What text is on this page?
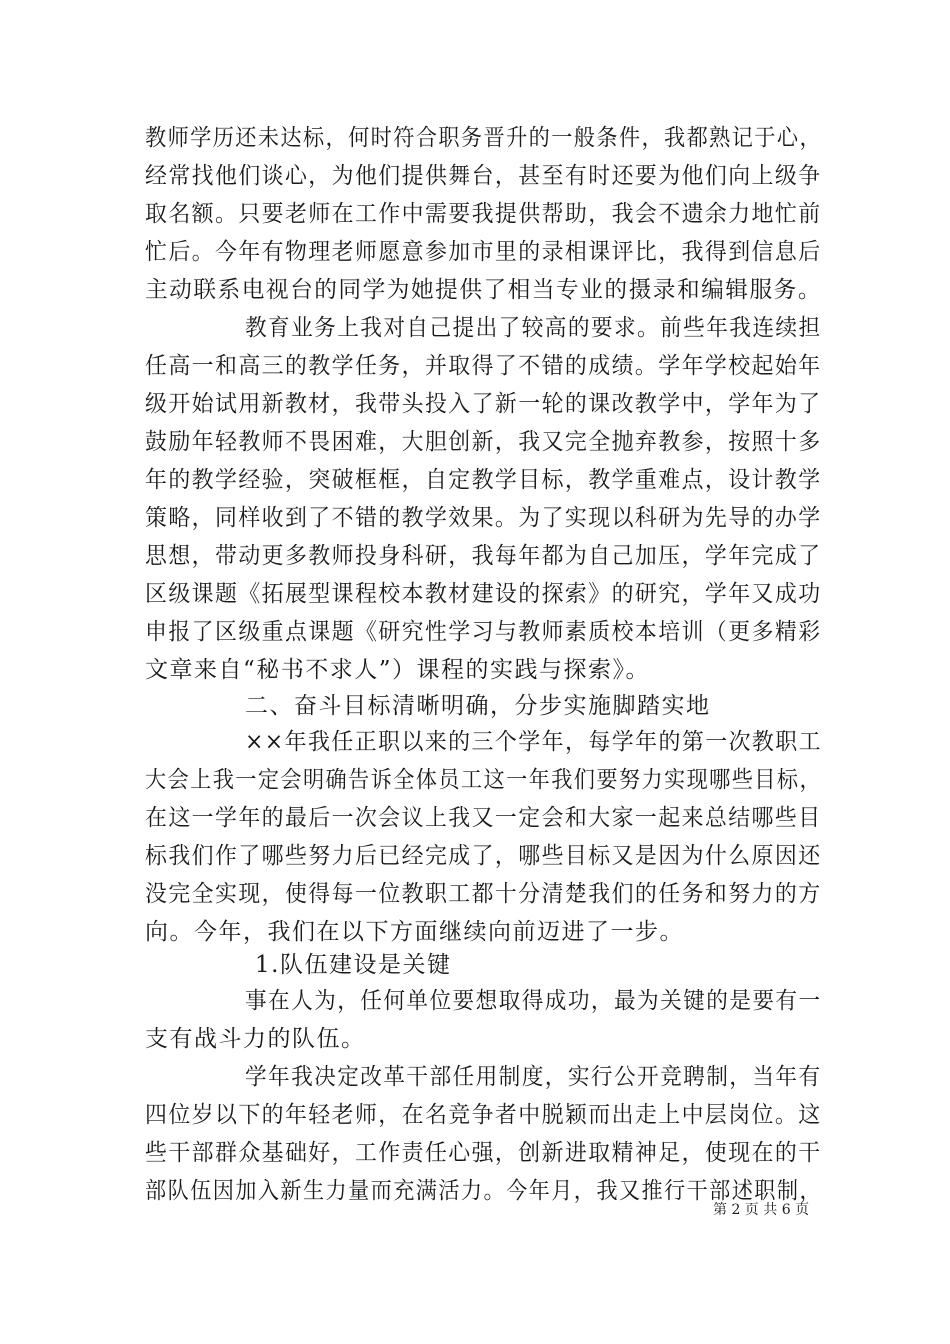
教师学历还未达标，何时符合职务晋升的一般条件，我都熟记于心，
经常找他们谈心，为他们提供舞台，甚至有时还要为他们向上级争
取名额。只要老师在工作中需要我提供帮助，我会不遗余力地忙前
忙后。今年有物理老师愿意参加市里的录相课评比，我得到信息后
主动联系电视台的同学为她提供了相当专业的摄录和编辑服务。
教育业务上我对自己提出了较高的要求。前些年我连续担
任高一和高三的教学任务，并取得了不错的成绩。学年学校起始年
级开始试用新教材，我带头投入了新一轮的课改教学中，学年为了
鼓励年轻教师不畏困难，大胆创新，我又完全抛弃教参，按照十多
年的教学经验，突破框框，自定教学目标，教学重难点，设计教学
策略，同样收到了不错的教学效果。为了实现以科研为先导的办学
思想，带动更多教师投身科研，我每年都为自己加压，学年完成了
区级课题《拓展型课程校本教材建设的探索》的研究，学年又成功
申报了区级重点课题《研究性学习与教师素质校本培训（更多精彩
文章来自“秘书不求人”）课程的实践与探索》。
二、奋斗目标清晰明确，分步实施脚踏实地
××年我任正职以来的三个学年，每学年的第一次教职工
大会上我一定会明确告诉全体员工这一年我们要努力实现哪些目标，
在这一学年的最后一次会议上我又一定会和大家一起来总结哪些目
标我们作了哪些努力后已经完成了，哪些目标又是因为什么原因还
没完全实现，使得每一位教职工都十分清楚我们的任务和努力的方
向。今年，我们在以下方面继续向前迈进了一步。
1.队伍建设是关键
事在人为，任何单位要想取得成功，最为关键的是要有一
支有战斗力的队伍。
学年我决定改革干部任用制度，实行公开竞聘制，当年有
四位岁以下的年轻老师，在名竞争者中脱颖而出走上中层岗位。这
些干部群众基础好，工作责任心强，创新进取精神足，使现在的干
部队伍因加入新生力量而充满活力。今年月，我又推行干部述职制，
第 2 页 共 6 页
